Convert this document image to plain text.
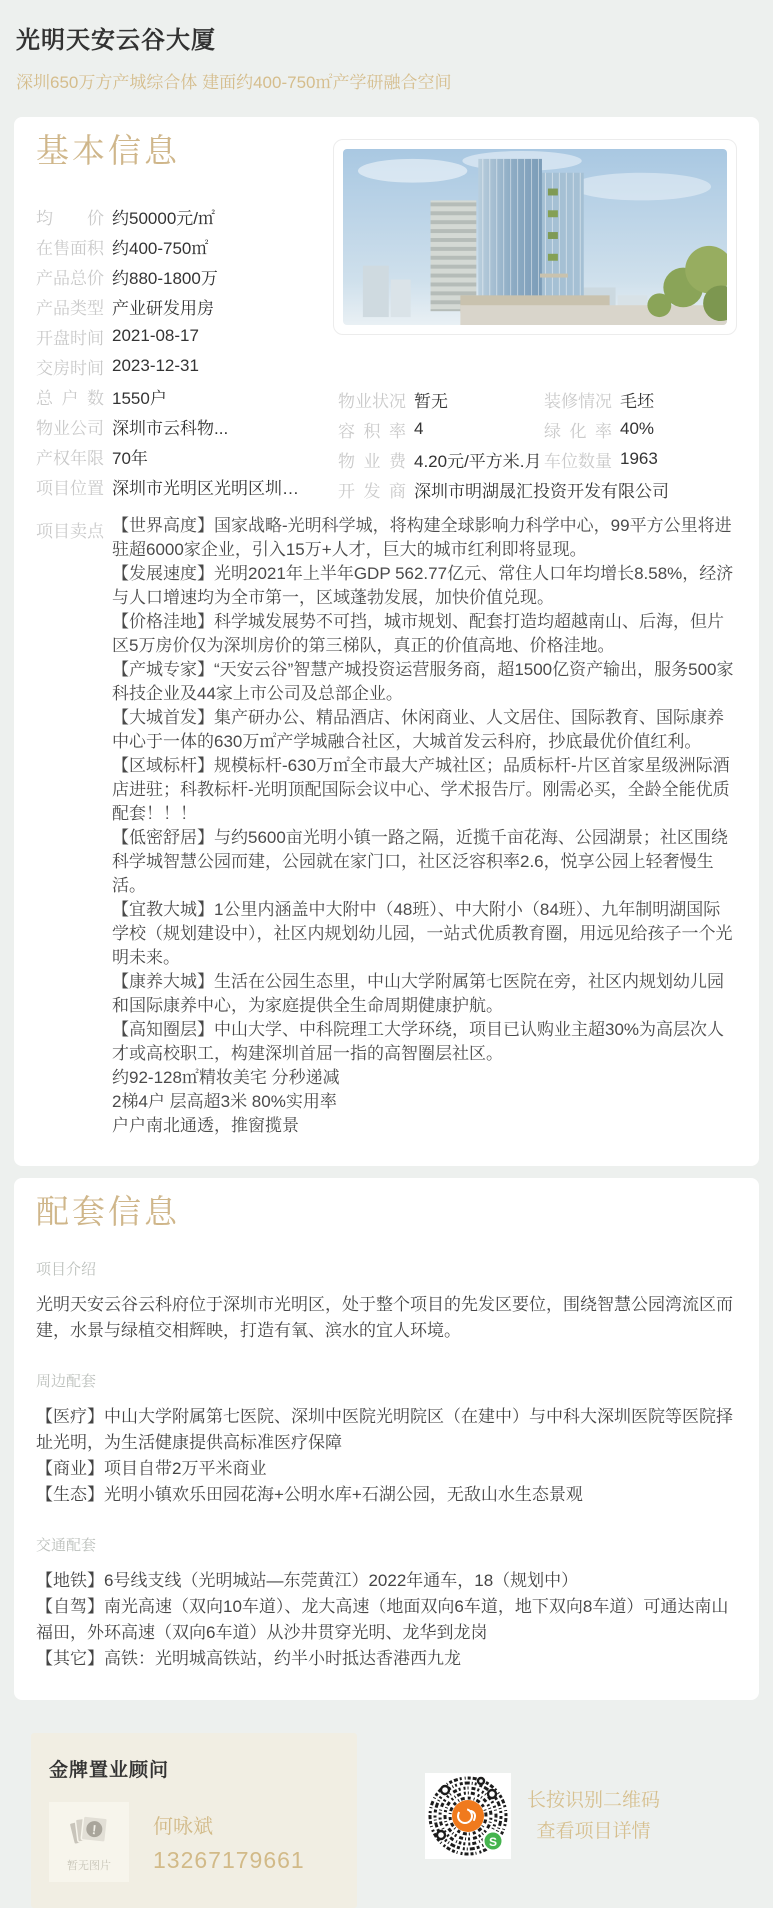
光明天安云谷大厦
深圳650万方产城综合体 建面约400-750㎡产学研融合空间
基本信息
均价 约50000元/㎡
在售面积 约400-750㎡
产品总价 约880-1800万
产品类型 产业研发用房
开盘时间 2021-08-17
交房时间 2023-12-31
总户数 1550户
物业公司 深圳市云科物...
产权年限 70年
项目位置 深圳市光明区光明区圳…
物业状况 暂无	装修情况 毛坯
容积率 4	绿化率 40%
物业费 4.20元/平方米.月 车位数量 1963
开发商 深圳市明湖晟汇投资开发有限公司
项目卖点 【世界高度】国家战略-光明科学城，将构建全球影响力科学中心，99平方公里将进驻超6000家企业，引入15万+人才，巨大的城市红利即将显现。

【发展速度】光明2021年上半年GDP 562.77亿元、常住人口年均增长8.58%，经济与人口增速均为全市第一，区域蓬勃发展，加快价值兑现。

【价格洼地】科学城发展势不可挡，城市规划、配套打造均超越南山、后海，但片区5万房价仅为深圳房价的第三梯队，真正的价值高地、价格洼地。

【产城专家】“天安云谷”智慧产城投资运营服务商，超1500亿资产输出，服务500家科技企业及44家上市公司及总部企业。

【大城首发】集产研办公、精品酒店、休闲商业、人文居住、国际教育、国际康养中心于一体的630万㎡产学城融合社区，大城首发云科府，抄底最优价值红利。

【区域标杆】规模标杆-630万㎡全市最大产城社区；品质标杆-片区首家星级洲际酒店进驻；科教标杆-光明顶配国际会议中心、学术报告厅。刚需必买，全龄全能优质配套！！！

【低密舒居】与约5600亩光明小镇一路之隔，近揽千亩花海、公园湖景；社区围绕科学城智慧公园而建，公园就在家门口，社区泛容积率2.6，悦享公园上轻奢慢生活。

【宜教大城】1公里内涵盖中大附中（48班）、中大附小（84班）、九年制明湖国际学校（规划建设中），社区内规划幼儿园，一站式优质教育圈，用远见给孩子一个光明未来。

【康养大城】生活在公园生态里，中山大学附属第七医院在旁，社区内规划幼儿园和国际康养中心，为家庭提供全生命周期健康护航。

【高知圈层】中山大学、中科院理工大学环绕，项目已认购业主超30%为高层次人才或高校职工，构建深圳首屈一指的高智圈层社区。

约92-128㎡精妆美宅 分秒递减

2梯4户 层高超3米 80%实用率

户户南北通透，推窗揽景

配套信息
项目介绍
光明天安云谷云科府位于深圳市光明区，处于整个项目的先发区要位，围绕智慧公园湾流区而建，水景与绿植交相辉映，打造有氧、滨水的宜人环境。
周边配套

【医疗】中山大学附属第七医院、深圳中医院光明院区（在建中）与中科大深圳医院等医院择址光明，为生活健康提供高标准医疗保障

【商业】项目自带2万平米商业

【生态】光明小镇欢乐田园花海+公明水库+石湖公园，无敌山水生态景观

交通配套

【地铁】6号线支线（光明城站—东莞黄江）2022年通车，18（规划中）

【自驾】南光高速（双向10车道）、龙大高速（地面双向6车道，地下双向8车道）可通达南山福田，外环高速（双向6车道）从沙井贯穿光明、龙华到龙岗

【其它】高铁：光明城高铁站，约半小时抵达香港西九龙

金牌置业顾问
!
暂无图片
何咏斌
13267179661
S
长按识别二维码
查看项目详情
